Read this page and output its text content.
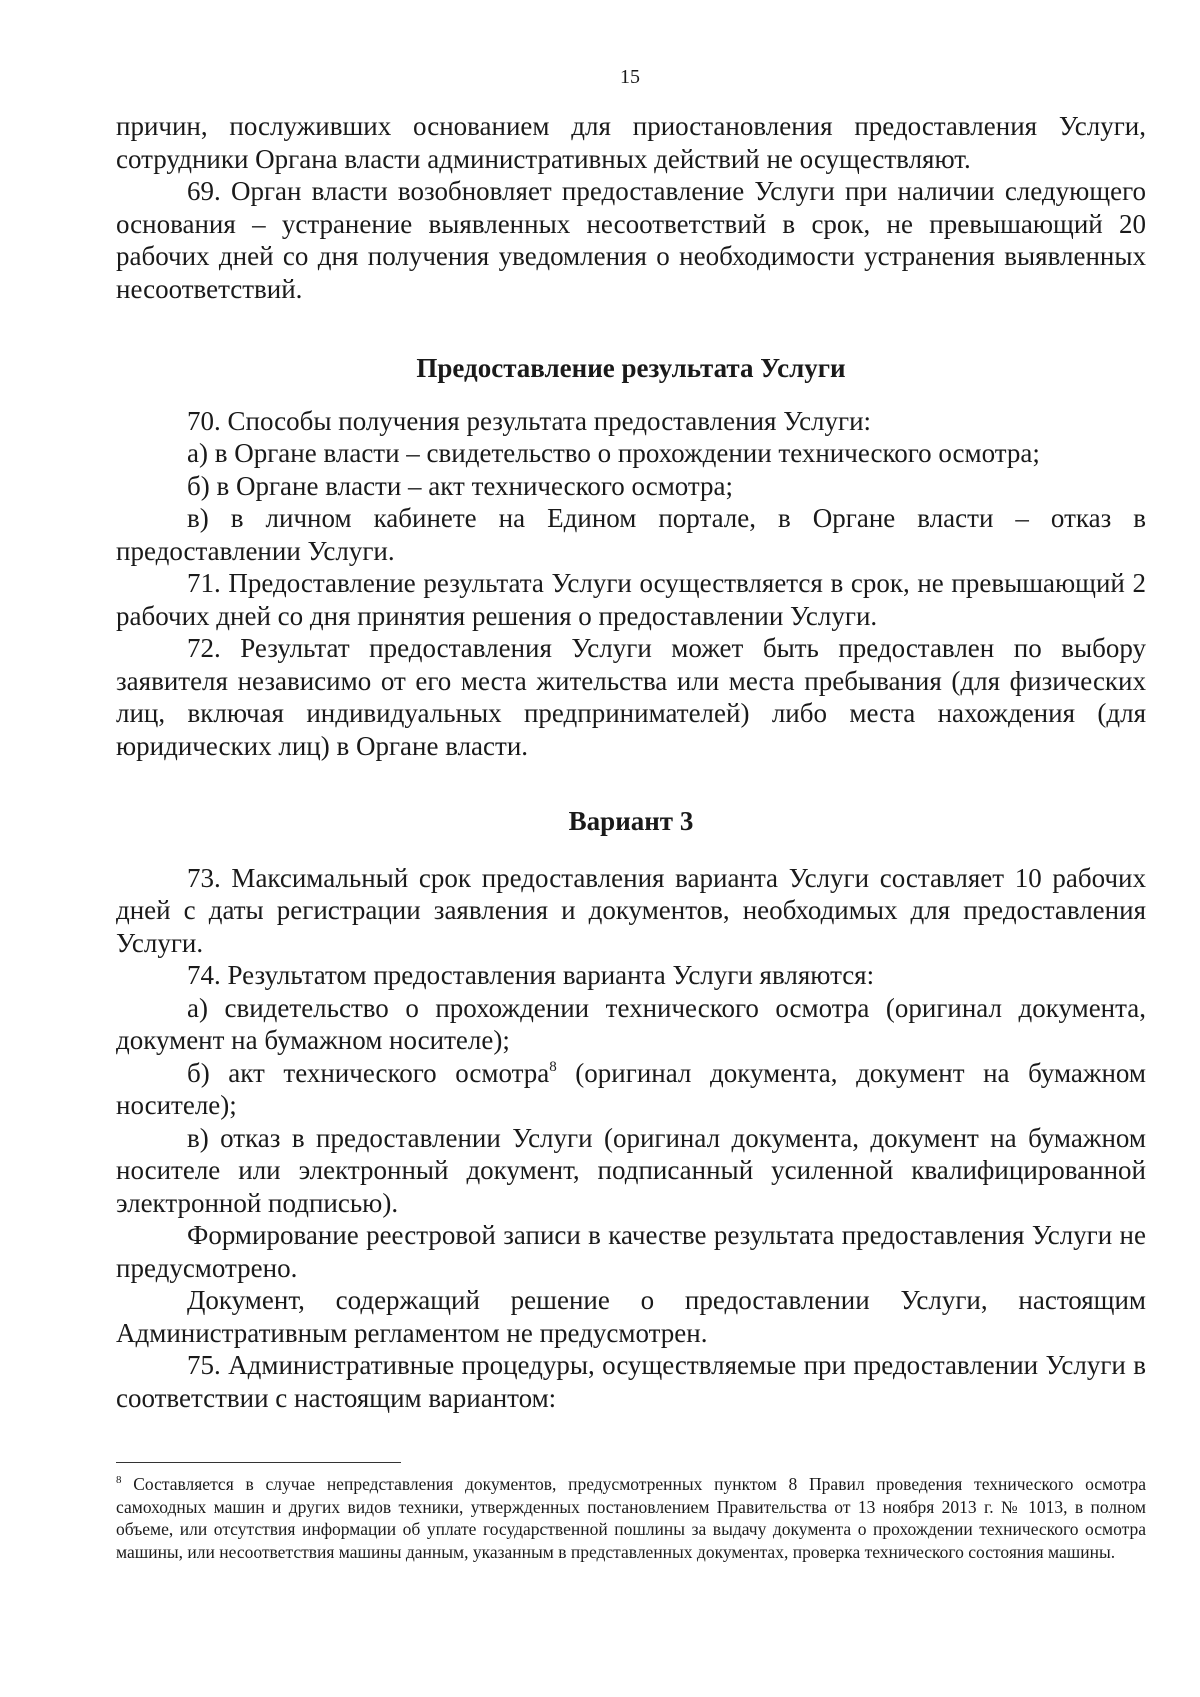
15

причин, послуживших основанием для приостановления предоставления Услуги, сотрудники Органа власти административных действий не осуществляют.

69. Орган власти возобновляет предоставление Услуги при наличии следующего основания – устранение выявленных несоответствий в срок, не превышающий 20 рабочих дней со дня получения уведомления о необходимости устранения выявленных несоответствий.

Предоставление результата Услуги

70. Способы получения результата предоставления Услуги:

а) в Органе власти – свидетельство о прохождении технического осмотра;

б) в Органе власти – акт технического осмотра;

в) в личном кабинете на Едином портале, в Органе власти – отказ в предоставлении Услуги.

71. Предоставление результата Услуги осуществляется в срок, не превышающий 2 рабочих дней со дня принятия решения о предоставлении Услуги.

72. Результат предоставления Услуги может быть предоставлен по выбору заявителя независимо от его места жительства или места пребывания (для физических лиц, включая индивидуальных предпринимателей) либо места нахождения (для юридических лиц) в Органе власти.

Вариант 3

73. Максимальный срок предоставления варианта Услуги составляет 10 рабочих дней с даты регистрации заявления и документов, необходимых для предоставления Услуги.

74. Результатом предоставления варианта Услуги являются:

а) свидетельство о прохождении технического осмотра (оригинал документа, документ на бумажном носителе);

б) акт технического осмотра$^8$ (оригинал документа, документ на бумажном носителе);

в) отказ в предоставлении Услуги (оригинал документа, документ на бумажном носителе или электронный документ, подписанный усиленной квалифицированной электронной подписью).

Формирование реестровой записи в качестве результата предоставления Услуги не предусмотрено.

Документ, содержащий решение о предоставлении Услуги, настоящим Административным регламентом не предусмотрен.

75. Административные процедуры, осуществляемые при предоставлении Услуги в соответствии с настоящим вариантом:

$^8$ Составляется в случае непредставления документов, предусмотренных пунктом 8 Правил проведения технического осмотра самоходных машин и других видов техники, утвержденных постановлением Правительства от 13 ноября 2013 г. № 1013, в полном объеме, или отсутствия информации об уплате государственной пошлины за выдачу документа о прохождении технического осмотра машины, или несоответствия машины данным, указанным в представленных документах, проверка технического состояния машины.
